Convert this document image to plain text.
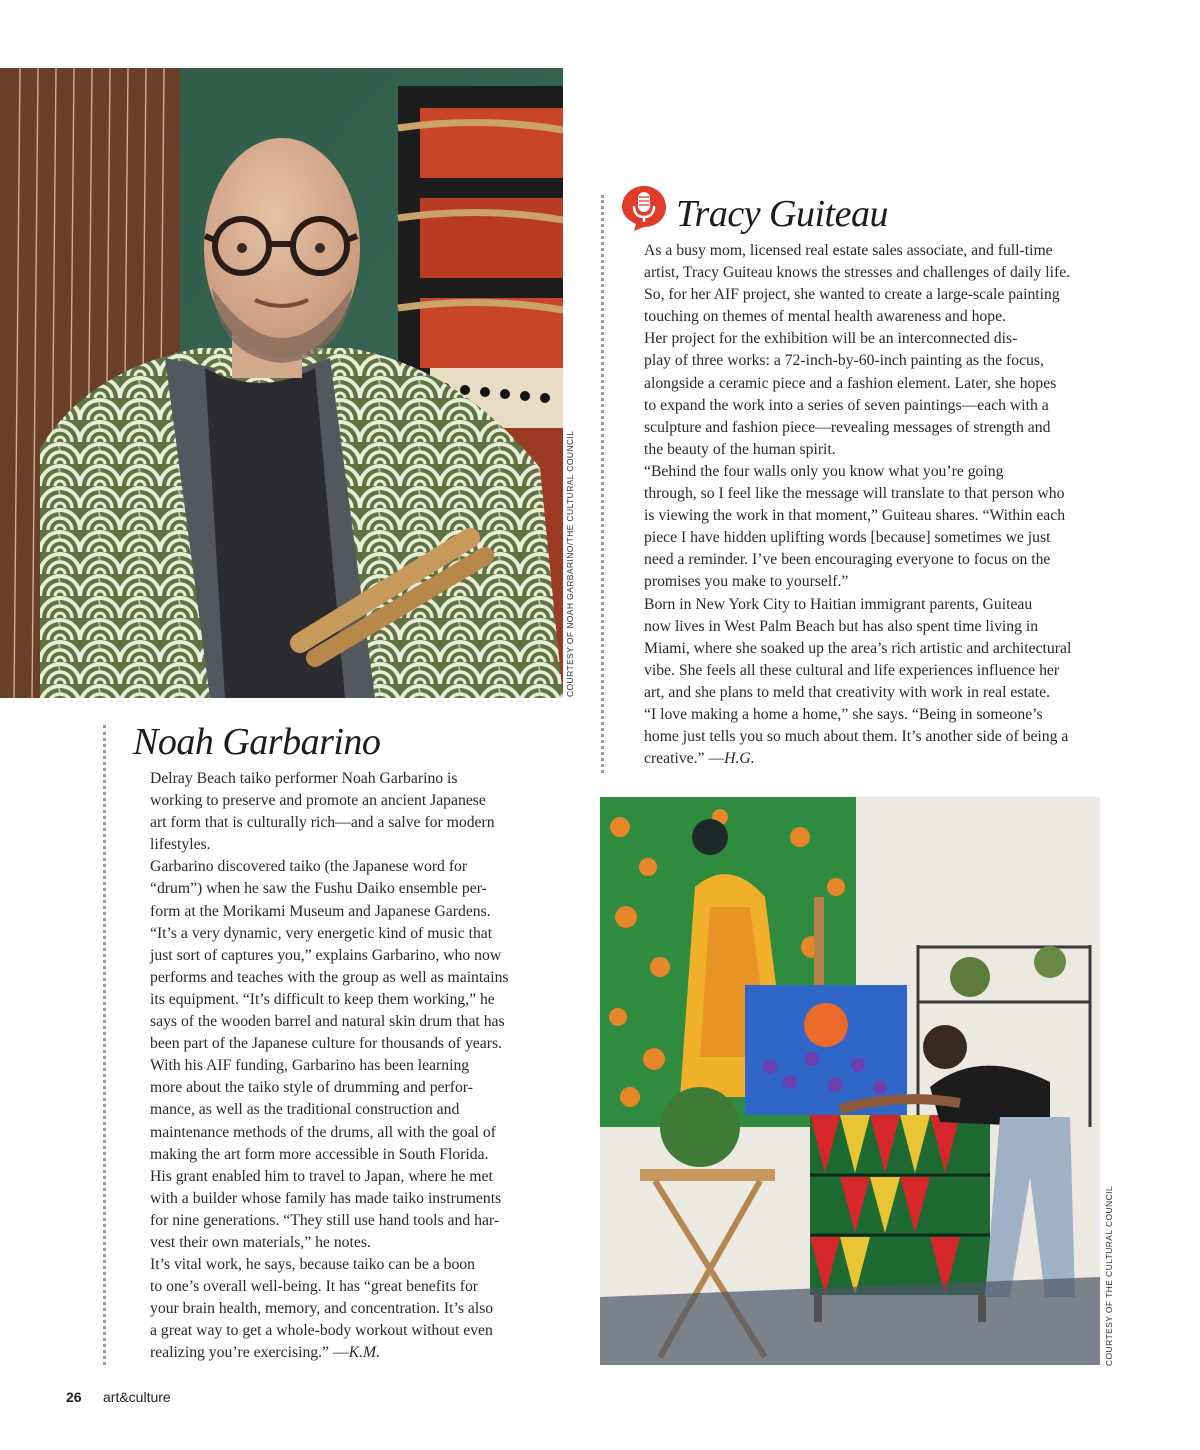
COURTESY OF NOAH GARBARINO/THE CULTURAL COUNCIL
Tracy Guiteau

As a busy mom, licensed real estate sales associate, and full-time
artist, Tracy Guiteau knows the stresses and challenges of daily life.
So, for her AIF project, she wanted to create a large-scale painting
touching on themes of mental health awareness and hope.

Her project for the exhibition will be an interconnected dis-
play of three works: a 72-inch-by-60-inch painting as the focus,
alongside a ceramic piece and a fashion element. Later, she hopes
to expand the work into a series of seven paintings—each with a
sculpture and fashion piece—revealing messages of strength and
the beauty of the human spirit.

“Behind the four walls only you know what you’re going
through, so I feel like the message will translate to that person who
is viewing the work in that moment,” Guiteau shares. “Within each
piece I have hidden uplifting words [because] sometimes we just
need a reminder. I’ve been encouraging everyone to focus on the
promises you make to yourself.”

Born in New York City to Haitian immigrant parents, Guiteau
now lives in West Palm Beach but has also spent time living in
Miami, where she soaked up the area’s rich artistic and architectural
vibe. She feels all these cultural and life experiences influence her
art, and she plans to meld that creativity with work in real estate.

“I love making a home a home,” she says. “Being in someone’s
home just tells you so much about them. It’s another side of being a
creative.” —H.G.

COURTESY OF THE CULTURAL COUNCIL
Noah Garbarino

Delray Beach taiko performer Noah Garbarino is
working to preserve and promote an ancient Japanese
art form that is culturally rich—and a salve for modern
lifestyles.

Garbarino discovered taiko (the Japanese word for
“drum”) when he saw the Fushu Daiko ensemble per-
form at the Morikami Museum and Japanese Gardens.

“It’s a very dynamic, very energetic kind of music that
just sort of captures you,” explains Garbarino, who now
performs and teaches with the group as well as maintains
its equipment. “It’s difficult to keep them working,” he
says of the wooden barrel and natural skin drum that has
been part of the Japanese culture for thousands of years.

With his AIF funding, Garbarino has been learning
more about the taiko style of drumming and perfor-
mance, as well as the traditional construction and
maintenance methods of the drums, all with the goal of
making the art form more accessible in South Florida.
His grant enabled him to travel to Japan, where he met
with a builder whose family has made taiko instruments
for nine generations. “They still use hand tools and har-
vest their own materials,” he notes.

It’s vital work, he says, because taiko can be a boon
to one’s overall well-being. It has “great benefits for
your brain health, memory, and concentration. It’s also
a great way to get a whole-body workout without even
realizing you’re exercising.” —K.M.

26 art&culture
